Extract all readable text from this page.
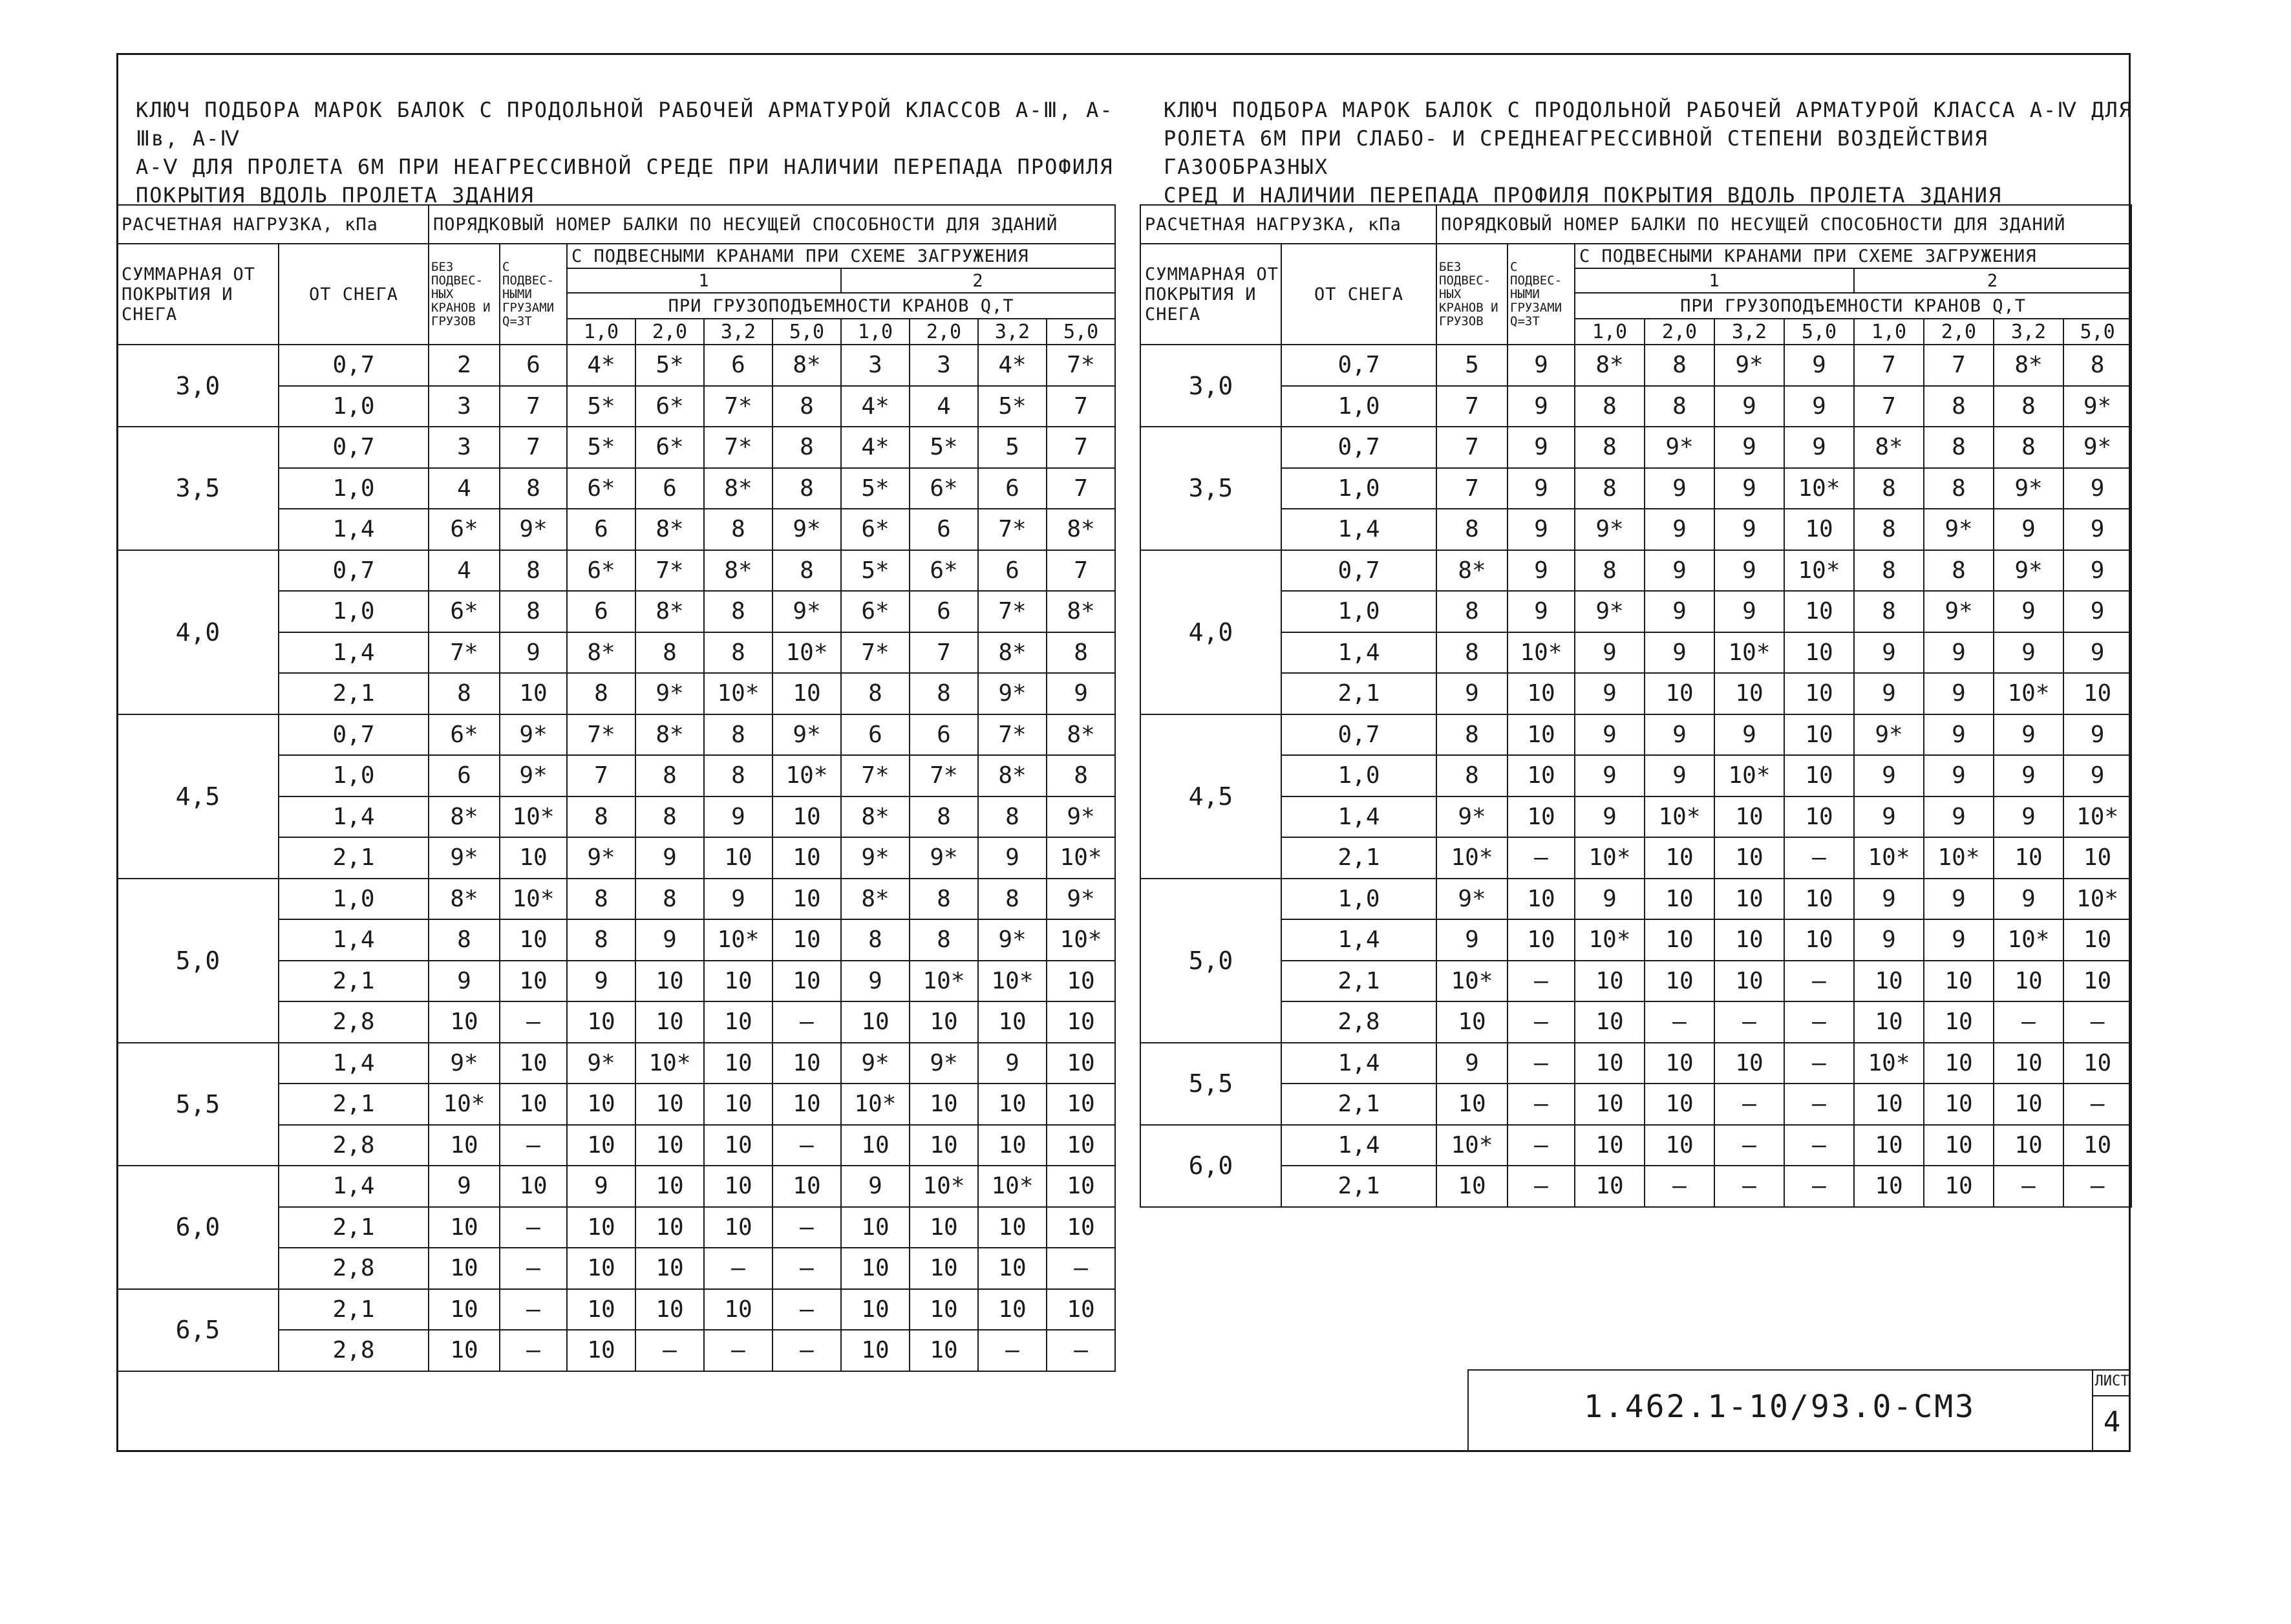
КЛЮЧ ПОДБОРА МАРОК БАЛОК С ПРОДОЛЬНОЙ РАБОЧЕЙ АРМАТУРОЙ КЛАССОВ А-Ⅲ, А-Ⅲв, А-Ⅳ
А-Ⅴ ДЛЯ ПРОЛЕТА 6М ПРИ НЕАГРЕССИВНОЙ СРЕДЕ ПРИ НАЛИЧИИ ПЕРЕПАДА ПРОФИЛЯ
ПОКРЫТИЯ ВДОЛЬ ПРОЛЕТА ЗДАНИЯ
КЛЮЧ ПОДБОРА МАРОК БАЛОК С ПРОДОЛЬНОЙ РАБОЧЕЙ АРМАТУРОЙ КЛАССА А-Ⅳ ДЛЯ
РОЛЕТА 6М ПРИ СЛАБО- И СРЕДНЕАГРЕССИВНОЙ СТЕПЕНИ ВОЗДЕЙСТВИЯ ГАЗООБРАЗНЫХ
СРЕД И НАЛИЧИИ ПЕРЕПАДА ПРОФИЛЯ ПОКРЫТИЯ ВДОЛЬ ПРОЛЕТА ЗДАНИЯ
РАСЧЕТНАЯ НАГРУЗКА, кПа		ПОРЯДКОВЫЙ НОМЕР БАЛКИ ПО НЕСУЩЕЙ СПОСОБНОСТИ ДЛЯ ЗДАНИЙ									
СУММАРНАЯ ОТ ПОКРЫТИЯ И СНЕГА	ОТ СНЕГА	БЕЗ ПОДВЕС-НЫХ КРАНОВ И ГРУЗОВ	С ПОДВЕС-НЫМИ ГРУЗАМИ Q=3Т	С ПОДВЕСНЫМИ КРАНАМИ ПРИ СХЕМЕ ЗАГРУЖЕНИЯ							
				1				2			
				ПРИ ГРУЗОПОДЪЕМНОСТИ КРАНОВ Q,Т							
				1,0	2,0	3,2	5,0	1,0	2,0	3,2	5,0
3,0	0,7	2	6	4*	5*	6	8*	3	3	4*	7*
	1,0	3	7	5*	6*	7*	8	4*	4	5*	7
3,5	0,7	3	7	5*	6*	7*	8	4*	5*	5	7
	1,0	4	8	6*	6	8*	8	5*	6*	6	7
	1,4	6*	9*	6	8*	8	9*	6*	6	7*	8*
4,0	0,7	4	8	6*	7*	8*	8	5*	6*	6	7
	1,0	6*	8	6	8*	8	9*	6*	6	7*	8*
	1,4	7*	9	8*	8	8	10*	7*	7	8*	8
	2,1	8	10	8	9*	10*	10	8	8	9*	9
4,5	0,7	6*	9*	7*	8*	8	9*	6	6	7*	8*
	1,0	6	9*	7	8	8	10*	7*	7*	8*	8
	1,4	8*	10*	8	8	9	10	8*	8	8	9*
	2,1	9*	10	9*	9	10	10	9*	9*	9	10*
5,0	1,0	8*	10*	8	8	9	10	8*	8	8	9*
	1,4	8	10	8	9	10*	10	8	8	9*	10*
	2,1	9	10	9	10	10	10	9	10*	10*	10
	2,8	10	—	10	10	10	—	10	10	10	10
5,5	1,4	9*	10	9*	10*	10	10	9*	9*	9	10
	2,1	10*	10	10	10	10	10	10*	10	10	10
	2,8	10	—	10	10	10	—	10	10	10	10
6,0	1,4	9	10	9	10	10	10	9	10*	10*	10
	2,1	10	—	10	10	10	—	10	10	10	10
	2,8	10	—	10	10	—	—	10	10	10	—
6,5	2,1	10	—	10	10	10	—	10	10	10	10
	2,8	10	—	10	—	—	—	10	10	—	—
РАСЧЕТНАЯ НАГРУЗКА, кПа		ПОРЯДКОВЫЙ НОМЕР БАЛКИ ПО НЕСУЩЕЙ СПОСОБНОСТИ ДЛЯ ЗДАНИЙ									
СУММАРНАЯ ОТ ПОКРЫТИЯ И СНЕГА	ОТ СНЕГА	БЕЗ ПОДВЕС-НЫХ КРАНОВ И ГРУЗОВ	С ПОДВЕС-НЫМИ ГРУЗАМИ Q=3Т	С ПОДВЕСНЫМИ КРАНАМИ ПРИ СХЕМЕ ЗАГРУЖЕНИЯ							
				1				2			
				ПРИ ГРУЗОПОДЪЕМНОСТИ КРАНОВ Q,Т							
				1,0	2,0	3,2	5,0	1,0	2,0	3,2	5,0
3,0	0,7	5	9	8*	8	9*	9	7	7	8*	8
	1,0	7	9	8	8	9	9	7	8	8	9*
3,5	0,7	7	9	8	9*	9	9	8*	8	8	9*
	1,0	7	9	8	9	9	10*	8	8	9*	9
	1,4	8	9	9*	9	9	10	8	9*	9	9
4,0	0,7	8*	9	8	9	9	10*	8	8	9*	9
	1,0	8	9	9*	9	9	10	8	9*	9	9
	1,4	8	10*	9	9	10*	10	9	9	9	9
	2,1	9	10	9	10	10	10	9	9	10*	10
4,5	0,7	8	10	9	9	9	10	9*	9	9	9
	1,0	8	10	9	9	10*	10	9	9	9	9
	1,4	9*	10	9	10*	10	10	9	9	9	10*
	2,1	10*	—	10*	10	10	—	10*	10*	10	10
5,0	1,0	9*	10	9	10	10	10	9	9	9	10*
	1,4	9	10	10*	10	10	10	9	9	10*	10
	2,1	10*	—	10	10	10	—	10	10	10	10
	2,8	10	—	10	—	—	—	10	10	—	—
5,5	1,4	9	—	10	10	10	—	10*	10	10	10
	2,1	10	—	10	10	—	—	10	10	10	—
6,0	1,4	10*	—	10	10	—	—	10	10	10	10
	2,1	10	—	10	—	—	—	10	10	—	—
1.462.1-10/93.0-СМ3
ЛИСТ
4
